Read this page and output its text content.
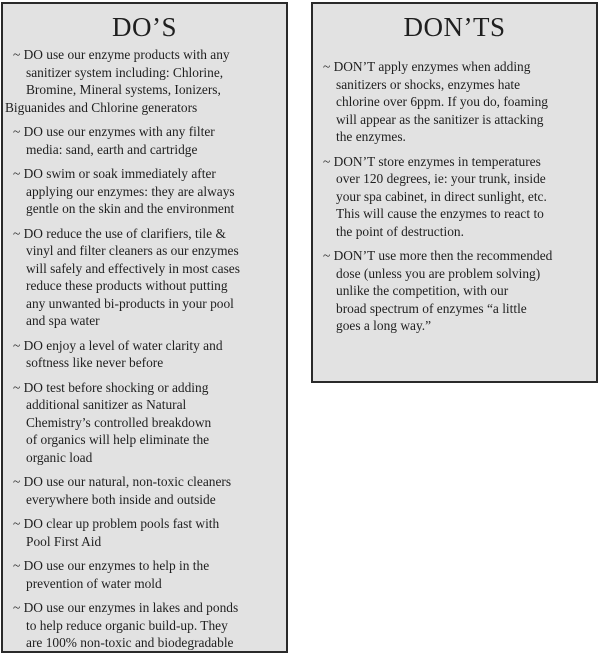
DO’S
~ DO use our enzyme products with any
sanitizer system including: Chlorine,
Bromine, Mineral systems, Ionizers,
Biguanides and Chlorine generators
~ DO use our enzymes with any filter
media: sand, earth and cartridge
~ DO swim or soak immediately after
applying our enzymes: they are always
gentle on the skin and the environment
~ DO reduce the use of clarifiers, tile &
vinyl and filter cleaners as our enzymes
will safely and effectively in most cases
reduce these products without putting
any unwanted bi-products in your pool
and spa water
~ DO enjoy a level of water clarity and
softness like never before
~ DO test before shocking or adding
additional sanitizer as Natural
Chemistry’s controlled breakdown
of organics will help eliminate the
organic load
~ DO use our natural, non-toxic cleaners
everywhere both inside and outside
~ DO clear up problem pools fast with
Pool First Aid
~ DO use our enzymes to help in the
prevention of water mold
~ DO use our enzymes in lakes and ponds
to help reduce organic build-up. They
are 100% non-toxic and biodegradable
DON’TS
~ DON’T apply enzymes when adding
sanitizers or shocks, enzymes hate
chlorine over 6ppm. If you do, foaming
will appear as the sanitizer is attacking
the enzymes.
~ DON’T store enzymes in temperatures
over 120 degrees, ie: your trunk, inside
your spa cabinet, in direct sunlight, etc.
This will cause the enzymes to react to
the point of destruction.
~ DON’T use more then the recommended
dose (unless you are problem solving)
unlike the competition, with our
broad spectrum of enzymes “a little
goes a long way.”
